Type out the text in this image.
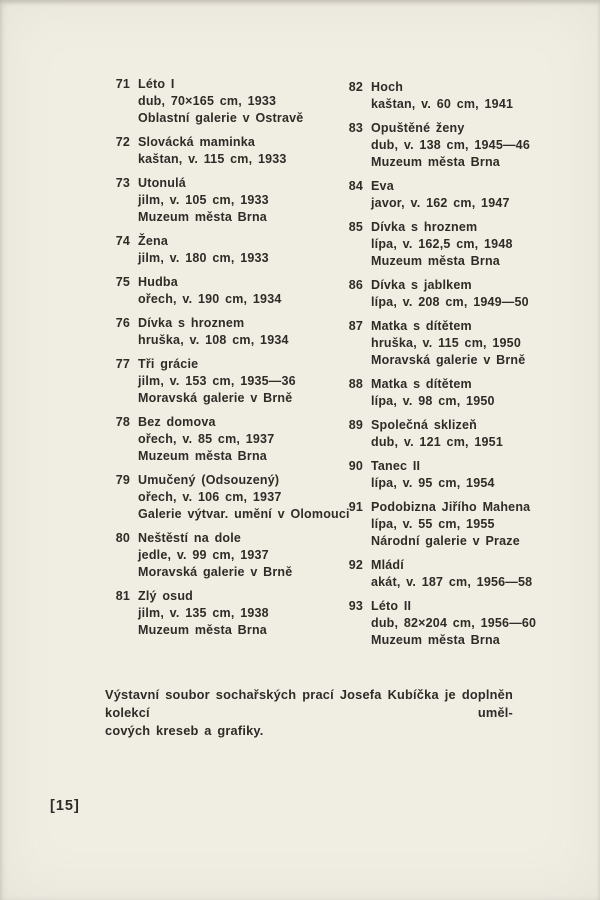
71 Léto I
dub, 70×165 cm, 1933
Oblastní galerie v Ostravě
72 Slovácká maminka
kaštan, v. 115 cm, 1933
73 Utonulá
jilm, v. 105 cm, 1933
Muzeum města Brna
74 Žena
jilm, v. 180 cm, 1933
75 Hudba
ořech, v. 190 cm, 1934
76 Dívka s hroznem
hruška, v. 108 cm, 1934
77 Tři grácie
jilm, v. 153 cm, 1935—36
Moravská galerie v Brně
78 Bez domova
ořech, v. 85 cm, 1937
Muzeum města Brna
79 Umučený (Odsouzený)
ořech, v. 106 cm, 1937
Galerie výtvar. umění v Olomouci
80 Neštěstí na dole
jedle, v. 99 cm, 1937
Moravská galerie v Brně
81 Zlý osud
jilm, v. 135 cm, 1938
Muzeum města Brna
82 Hoch
kaštan, v. 60 cm, 1941
83 Opuštěné ženy
dub, v. 138 cm, 1945—46
Muzeum města Brna
84 Eva
javor, v. 162 cm, 1947
85 Dívka s hroznem
lípa, v. 162,5 cm, 1948
Muzeum města Brna
86 Dívka s jablkem
lípa, v. 208 cm, 1949—50
87 Matka s dítětem
hruška, v. 115 cm, 1950
Moravská galerie v Brně
88 Matka s dítětem
lípa, v. 98 cm, 1950
89 Společná sklizeň
dub, v. 121 cm, 1951
90 Tanec II
lípa, v. 95 cm, 1954
91 Podobizna Jiřího Mahena
lípa, v. 55 cm, 1955
Národní galerie v Praze
92 Mládí
akát, v. 187 cm, 1956—58
93 Léto II
dub, 82×204 cm, 1956—60
Muzeum města Brna
Výstavní soubor sochařských prací Josefa Kubíčka je doplněn kolekcí uměl-
cových kreseb a grafiky.
[15]
